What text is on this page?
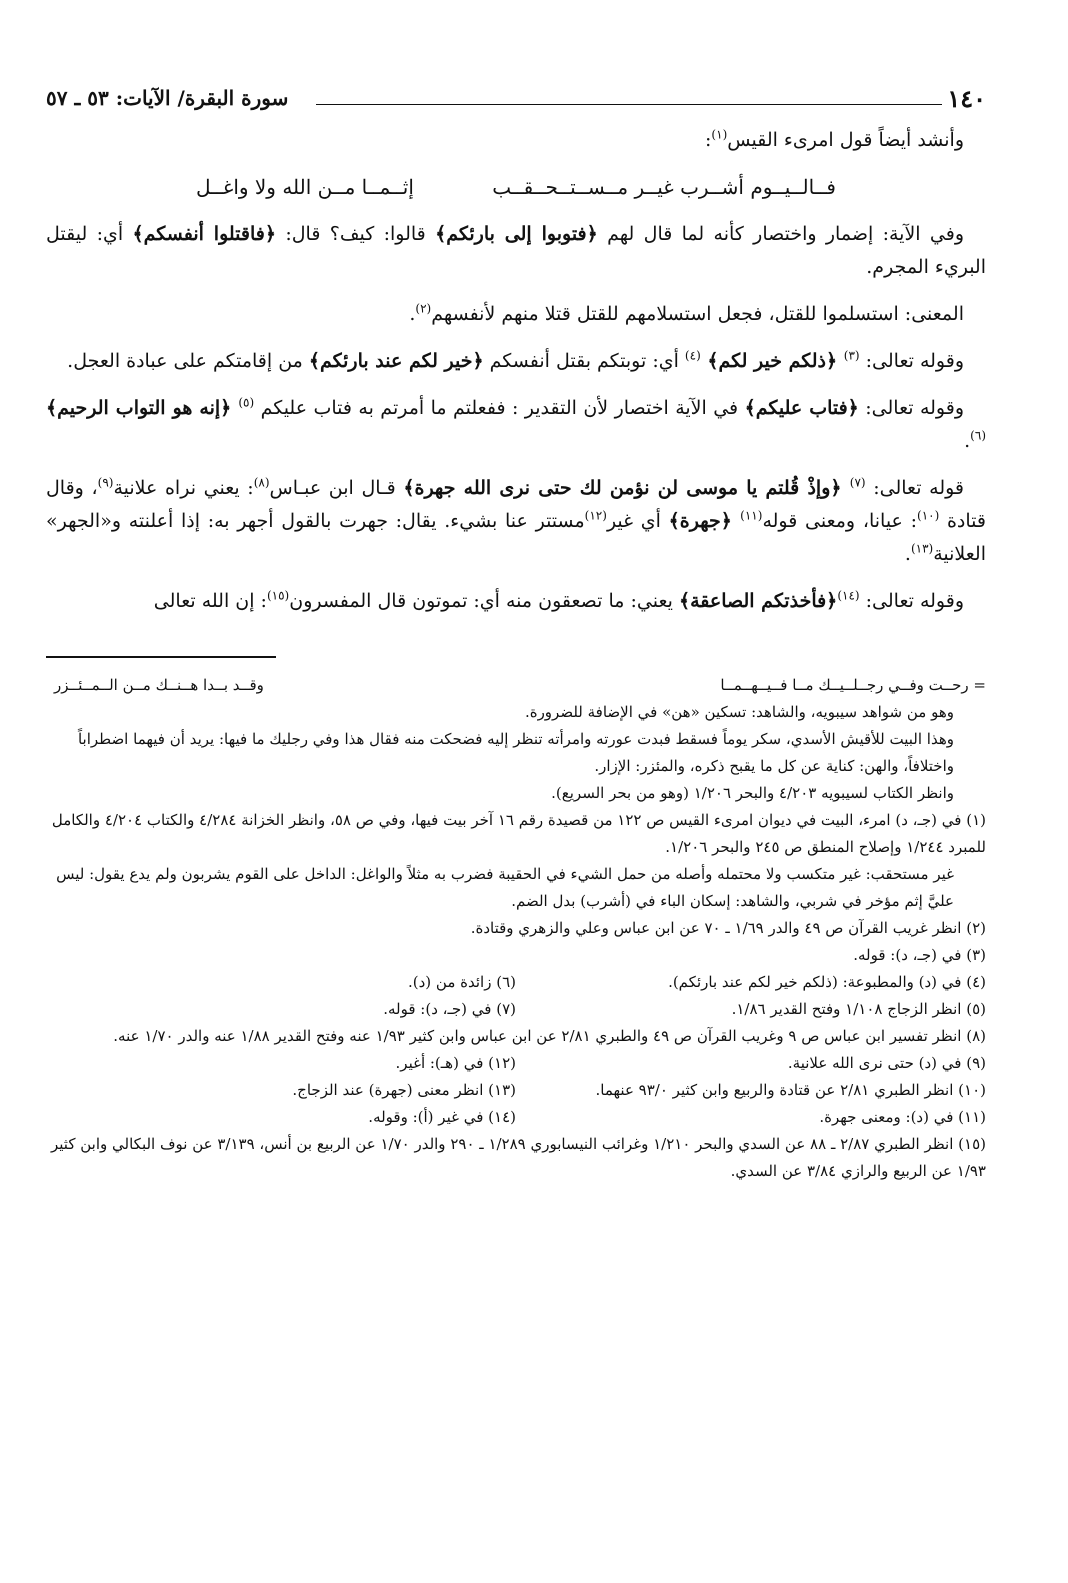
١٤٠
سورة البقرة/ الآيات: ٥٣ ـ ٥٧

وأنشد أيضاً قول امرىء القيس$^{(١)}$:

فــالــيــوم أشــرب غيــر مــســتــحــقــب
إثــمــا مــن الله ولا واغــل

وفي الآية: إضمار واختصار كأنه لما قال لهم ﴿فتوبوا إلى بارئكم﴾ قالوا: كيف؟ قال: ﴿فاقتلوا أنفسكم﴾ أي: ليقتل البريء المجرم.

المعنى: استسلموا للقتل، فجعل استسلامهم للقتل قتلا منهم لأنفسهم$^{(٢)}$.

وقوله تعالى: $^{(٣)}$ ﴿ذلكم خير لكم﴾ $^{(٤)}$ أي: توبتكم بقتل أنفسكم ﴿خير لكم عند بارئكم﴾ من إقامتكم على عبادة العجل.

وقوله تعالى: ﴿فتاب عليكم﴾ في الآية اختصار لأن التقدير : ففعلتم ما أمرتم به فتاب عليكم $^{(٥)}$ ﴿إنه هو التواب الرحيم﴾ $^{(٦)}$.

قوله تعالى: $^{(٧)}$ ﴿وإذْ قُلتم يا موسى لن نؤمن لك حتى نرى الله جهرة﴾ قـال ابن عبـاس$^{(٨)}$: يعني نراه علانية$^{(٩)}$، وقال قتادة $^{(١٠)}$: عيانا، ومعنى قوله$^{(١١)}$ ﴿جهرة﴾ أي غير$^{(١٢)}$مستتر عنا بشيء. يقال: جهرت بالقول أجهر به: إذا أعلنته و«الجهر» العلانية$^{(١٣)}$.

وقوله تعالى: $^{(١٤)}$﴿فأخذتكم الصاعقة﴾ يعني: ما تصعقون منه أي: تموتون قال المفسرون$^{(١٥)}$: إن الله تعالى

= رحــت وفــي رجــلــيــك مــا فــيــهــمــا
وقــد بــدا هــنــك مــن الــمــئــزر

وهو من شواهد سيبويه، والشاهد: تسكين «هن» في الإضافة للضرورة.

وهذا البيت للأقيش الأسدي، سكر يوماً فسقط فبدت عورته وامرأته تنظر إليه فضحكت منه فقال هذا وفي رجليك ما فيها: يريد أن فيهما اضطراباً واختلافاً، والهن: كناية عن كل ما يقبح ذكره، والمئزر: الإزار.

وانظر الكتاب لسيبويه ٤/٢٠٣ والبحر ١/٢٠٦ (وهو من بحر السريع).

(١) في (جـ، د) امرء، البيت في ديوان امرىء القيس ص ١٢٢ من قصيدة رقم ١٦ آخر بيت فيها، وفي ص ٥٨، وانظر الخزانة ٤/٢٨٤ والكتاب ٤/٢٠٤ والكامل للمبرد ١/٢٤٤ وإصلاح المنطق ص ٢٤٥ والبحر ١/٢٠٦.

غير مستحقب: غير متكسب ولا محتمله وأصله من حمل الشيء في الحقيبة فضرب به مثلاً والواغل: الداخل على القوم يشربون ولم يدع يقول: ليس عليَّ إثم مؤخر في شربي، والشاهد: إسكان الباء في (أشرب) بدل الضم.

(٢) انظر غريب القرآن ص ٤٩ والدر ١/٦٩ ـ ٧٠ عن ابن عباس وعلي والزهري وقتادة.

(٣) في (جـ، د): قوله.

(٤) في (د) والمطبوعة: (ذلكم خير لكم عند بارئكم).

(٦) زائدة من (د).

(٥) انظر الزجاج ١/١٠٨ وفتح القدير ١/٨٦.

(٧) في (جـ، د): قوله.

(٨) انظر تفسير ابن عباس ص ٩ وغريب القرآن ص ٤٩ والطبري ٢/٨١ عن ابن عباس وابن كثير ١/٩٣ عنه وفتح القدير ١/٨٨ عنه والدر ١/٧٠ عنه.

(٩) في (د) حتى نرى الله علانية.

(١٢) في (هـ): أغير.

(١٠) انظر الطبري ٢/٨١ عن قتادة والربيع وابن كثير ٩٣/٠ عنهما.

(١٣) انظر معنى (جهرة) عند الزجاج.

(١١) في (د): ومعنى جهرة.

(١٤) في غير (أ): وقوله.

(١٥) انظر الطبري ٢/٨٧ ـ ٨٨ عن السدي والبحر ١/٢١٠ وغرائب النيسابوري ١/٢٨٩ ـ ٢٩٠ والدر ١/٧٠ عن الربيع بن أنس، ٣/١٣٩ عن نوف البكالي وابن كثير ١/٩٣ عن الربيع والرازي ٣/٨٤ عن السدي.
